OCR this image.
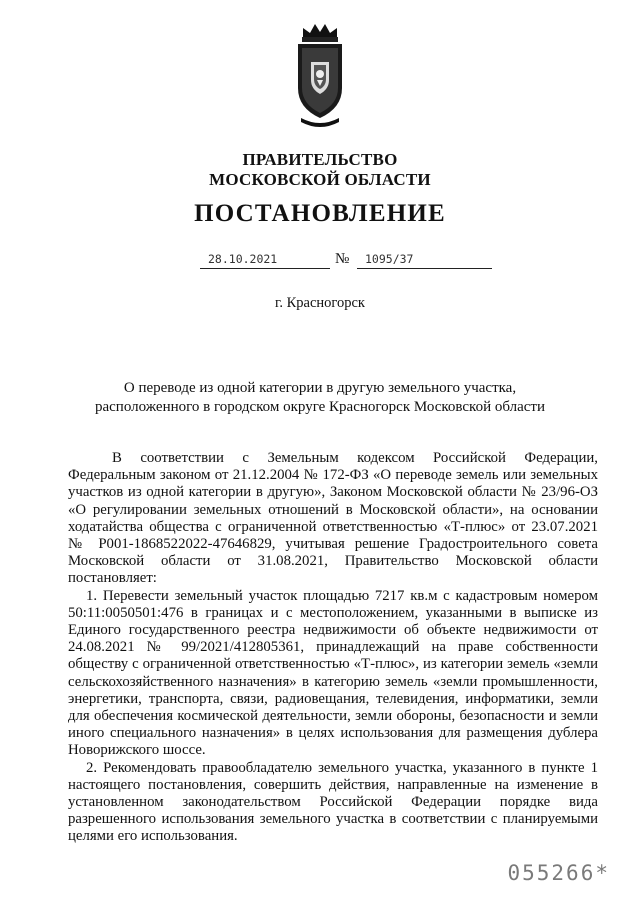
ПРАВИТЕЛЬСТВО
МОСКОВСКОЙ ОБЛАСТИ
ПОСТАНОВЛЕНИЕ
28.10.2021	№ 1095/37
г. Красногорск
О переводе из одной категории в другую земельного участка,
расположенного в городском округе Красногорск Московской области

В соответствии с Земельным кодексом Российской Федерации, Федеральным законом от 21.12.2004 № 172-ФЗ «О переводе земель или земельных участков из одной категории в другую», Законом Московской области № 23/96-ОЗ «О регулировании земельных отношений в Московской области», на основании ходатайства общества с ограниченной ответственностью «Т-плюс» от 23.07.2021 № Р001-1868522022-47646829, учитывая решение Градостроительного совета Московской области от 31.08.2021, Правительство Московской области постановляет:

1. Перевести земельный участок площадью 7217 кв.м с кадастровым номером 50:11:0050501:476 в границах и с местоположением, указанными в выписке из Единого государственного реестра недвижимости об объекте недвижимости от 24.08.2021 № 99/2021/412805361, принадлежащий на праве собственности обществу с ограниченной ответственностью «Т-плюс», из категории земель «земли сельскохозяйственного назначения» в категорию земель «земли промышленности, энергетики, транспорта, связи, радиовещания, телевидения, информатики, земли для обеспечения космической деятельности, земли обороны, безопасности и земли иного специального назначения» в целях использования для размещения дублера Новорижского шоссе.

2. Рекомендовать правообладателю земельного участка, указанного в пункте 1 настоящего постановления, совершить действия, направленные на изменение в установленном законодательством Российской Федерации порядке вида разрешенного использования земельного участка в соответствии с планируемыми целями его использования.

055266*
